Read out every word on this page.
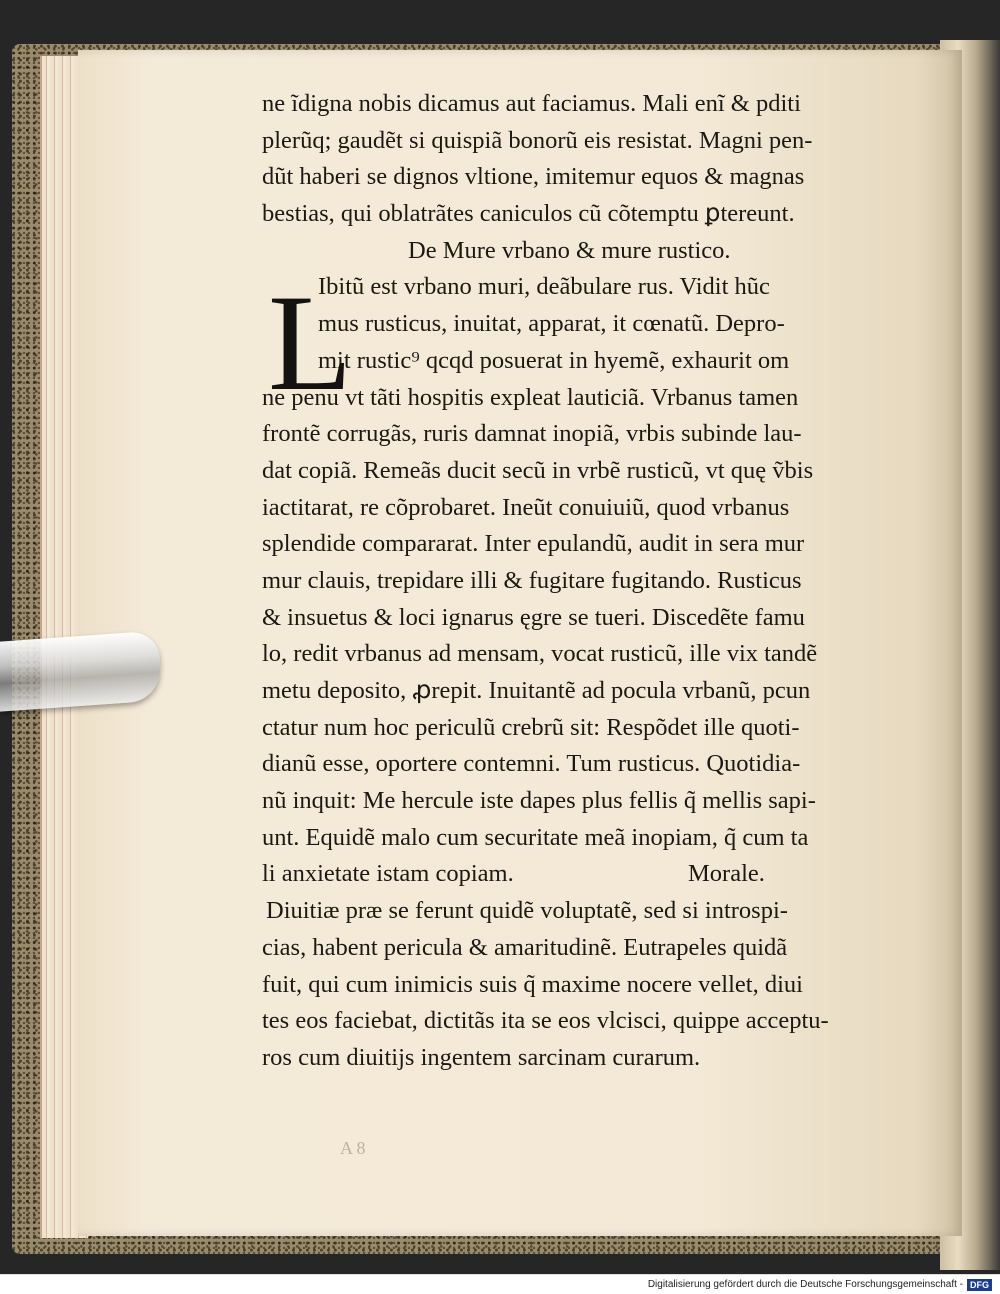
ne ĩdigna nobis dicamus aut faciamus. Mali enĩ & pditi
plerũq; gaudẽt si quispiã bonorũ eis resistat. Magni pen-
dũt haberi se dignos vltione, imitemur equos & magnas
bestias, qui oblatrãtes caniculos cũ cõtemptu ꝑtereunt.
De Mure vrbano & mure rustico.
Ibitũ est vrbano muri, deãbulare rus. Vidit hũc
mus rusticus, inuitat, apparat, it cœnatũ. Depro-
mit rustic⁹ qcqd posuerat in hyemẽ, exhaurit om
ne penu vt tãti hospitis expleat lauticiã. Vrbanus tamen
frontẽ corrugãs, ruris damnat inopiã, vrbis subinde lau-
dat copiã. Remeãs ducit secũ in vrbẽ rusticũ, vt quę ṽbis
iactitarat, re cõprobaret. Ineũt conuiuiũ, quod vrbanus
splendide compararat. Inter epulandũ, audit in sera mur
mur clauis, trepidare illi & fugitare fugitando. Rusticus
& insuetus & loci ignarus ęgre se tueri. Discedẽte famu
lo, redit vrbanus ad mensam, vocat rusticũ, ille vix tandẽ
metu deposito, ꝓrepit. Inuitantẽ ad pocula vrbanũ, pcun
ctatur num hoc periculũ crebrũ sit: Respõdet ille quoti-
dianũ esse, oportere contemni. Tum rusticus. Quotidia-
nũ inquit: Me hercule iste dapes plus fellis q̃ mellis sapi-
unt. Equidẽ malo cum securitate meã inopiam, q̃ cum ta
li anxietate istam copiam.	Morale.
Diuitiæ præ se ferunt quidẽ voluptatẽ, sed si introspi-
cias, habent pericula & amaritudinẽ. Eutrapeles quidã
fuit, qui cum inimicis suis q̃ maxime nocere vellet, diui
tes eos faciebat, dictitãs ita se eos vlcisci, quippe acceptu-
ros cum diuitijs ingentem sarcinam curarum.
L
A 8
Digitalisierung gefördert durch die Deutsche Forschungsgemeinschaft - DFG
